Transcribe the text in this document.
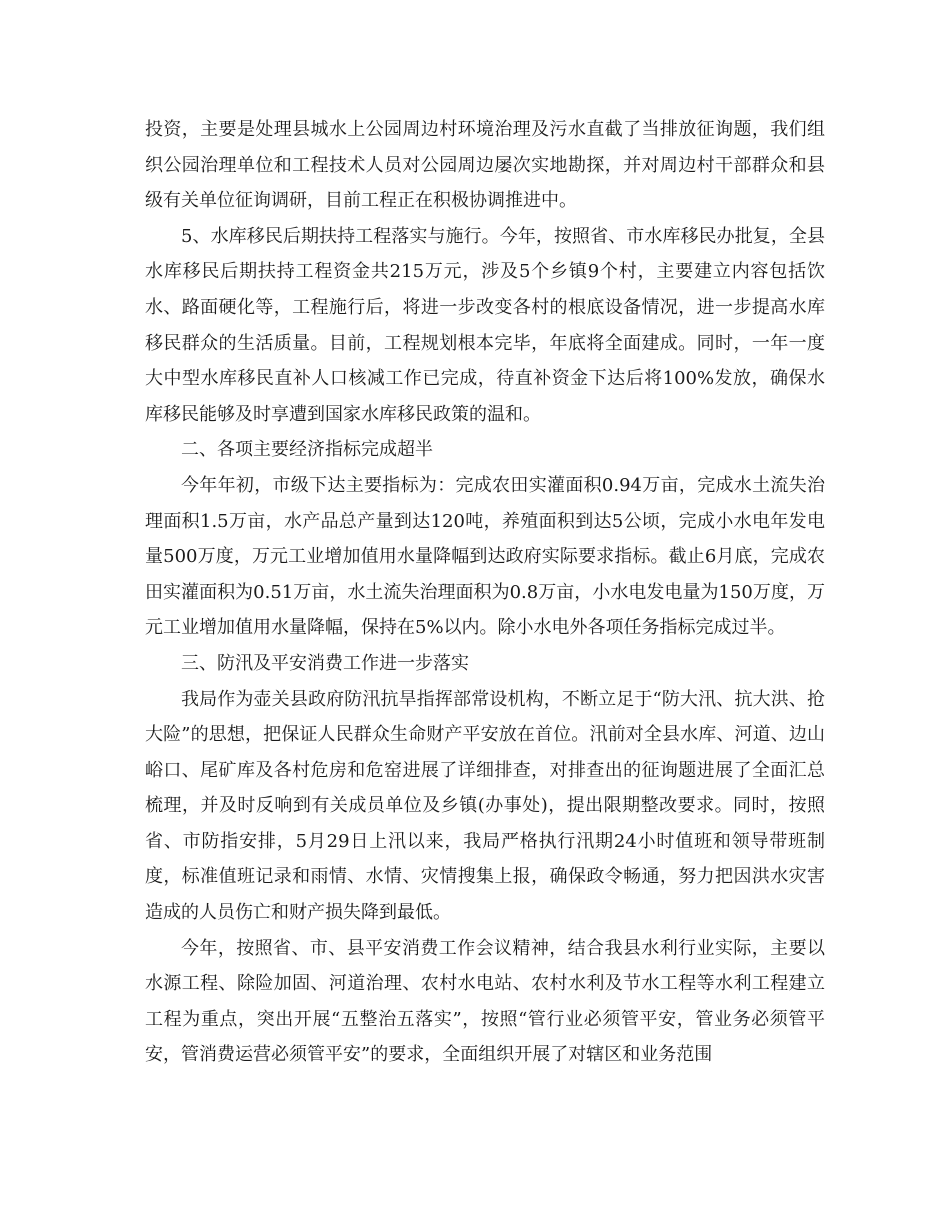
投资，主要是处理县城水上公园周边村环境治理及污水直截了当排放征询题，我们组织公园治理单位和工程技术人员对公园周边屡次实地勘探，并对周边村干部群众和县级有关单位征询调研，目前工程正在积极协调推进中。

5、水库移民后期扶持工程落实与施行。今年，按照省、市水库移民办批复，全县水库移民后期扶持工程资金共215万元，涉及5个乡镇9个村，主要建立内容包括饮水、路面硬化等，工程施行后，将进一步改变各村的根底设备情况，进一步提高水库移民群众的生活质量。目前，工程规划根本完毕，年底将全面建成。同时，一年一度大中型水库移民直补人口核减工作已完成，待直补资金下达后将100%发放，确保水库移民能够及时享遭到国家水库移民政策的温和。

二、各项主要经济指标完成超半

今年年初，市级下达主要指标为：完成农田实灌面积0.94万亩，完成水土流失治理面积1.5万亩，水产品总产量到达120吨，养殖面积到达5公顷，完成小水电年发电量500万度，万元工业增加值用水量降幅到达政府实际要求指标。截止6月底，完成农田实灌面积为0.51万亩，水土流失治理面积为0.8万亩，小水电发电量为150万度，万元工业增加值用水量降幅，保持在5%以内。除小水电外各项任务指标完成过半。

三、防汛及平安消费工作进一步落实

我局作为壶关县政府防汛抗旱指挥部常设机构，不断立足于“防大汛、抗大洪、抢大险”的思想，把保证人民群众生命财产平安放在首位。汛前对全县水库、河道、边山峪口、尾矿库及各村危房和危窑进展了详细排查，对排查出的征询题进展了全面汇总梳理，并及时反响到有关成员单位及乡镇(办事处)，提出限期整改要求。同时，按照省、市防指安排，5月29日上汛以来，我局严格执行汛期24小时值班和领导带班制度，标准值班记录和雨情、水情、灾情搜集上报，确保政令畅通，努力把因洪水灾害造成的人员伤亡和财产损失降到最低。

今年，按照省、市、县平安消费工作会议精神，结合我县水利行业实际，主要以水源工程、除险加固、河道治理、农村水电站、农村水利及节水工程等水利工程建立工程为重点，突出开展“五整治五落实”，按照“管行业必须管平安，管业务必须管平安，管消费运营必须管平安”的要求，全面组织开展了对辖区和业务范围
